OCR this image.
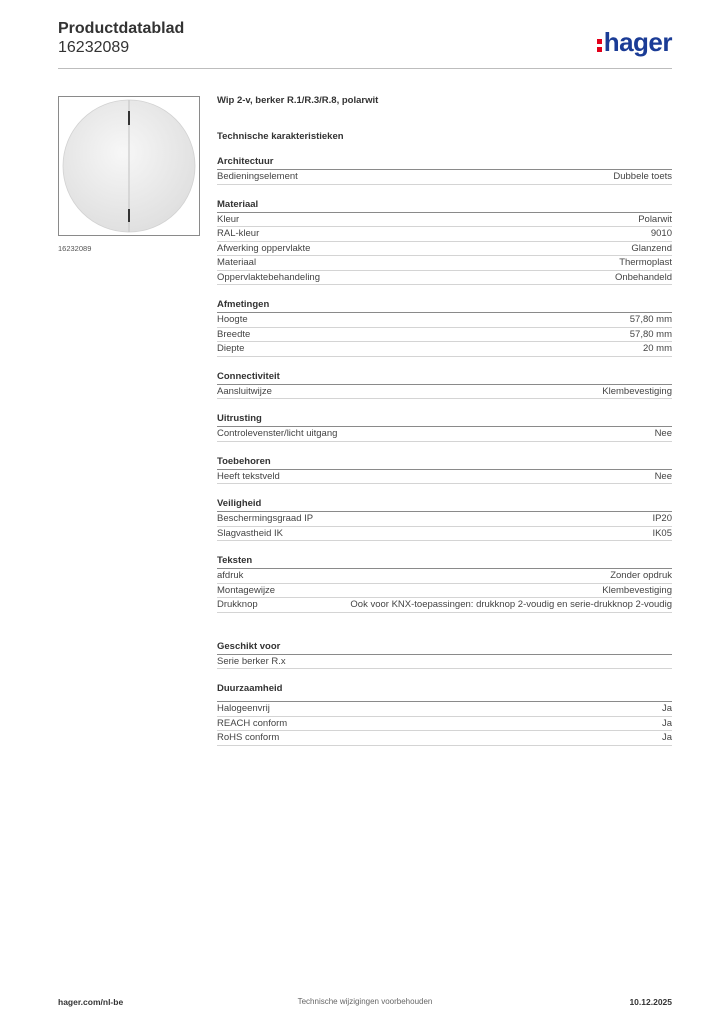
Productdatablad
16232089	hager
16232089
Wip 2-v, berker R.1/R.3/R.8, polarwit
Technische karakteristieken
Architectuur
Bedieningselement	Dubbele toets
Materiaal
Kleur	Polarwit
RAL-kleur	9010
Afwerking oppervlakte	Glanzend
Materiaal	Thermoplast
Oppervlaktebehandeling	Onbehandeld
Afmetingen
Hoogte	57,80 mm
Breedte	57,80 mm
Diepte	20 mm
Connectiviteit
Aansluitwijze	Klembevestiging
Uitrusting
Controlevenster/licht uitgang	Nee
Toebehoren
Heeft tekstveld	Nee
Veiligheid
Beschermingsgraad IP	IP20
Slagvastheid IK	IK05
Teksten
afdruk	Zonder opdruk
Montagewijze	Klembevestiging
Drukknop	Ook voor KNX-toepassingen: drukknop 2-voudig en serie-drukknop 2-voudig
Geschikt voor
Serie berker R.x
Duurzaamheid
Halogeenvrij	Ja
REACH conform	Ja
RoHS conform	Ja
hager.com/nl-be	Technische wijzigingen voorbehouden	10.12.2025
